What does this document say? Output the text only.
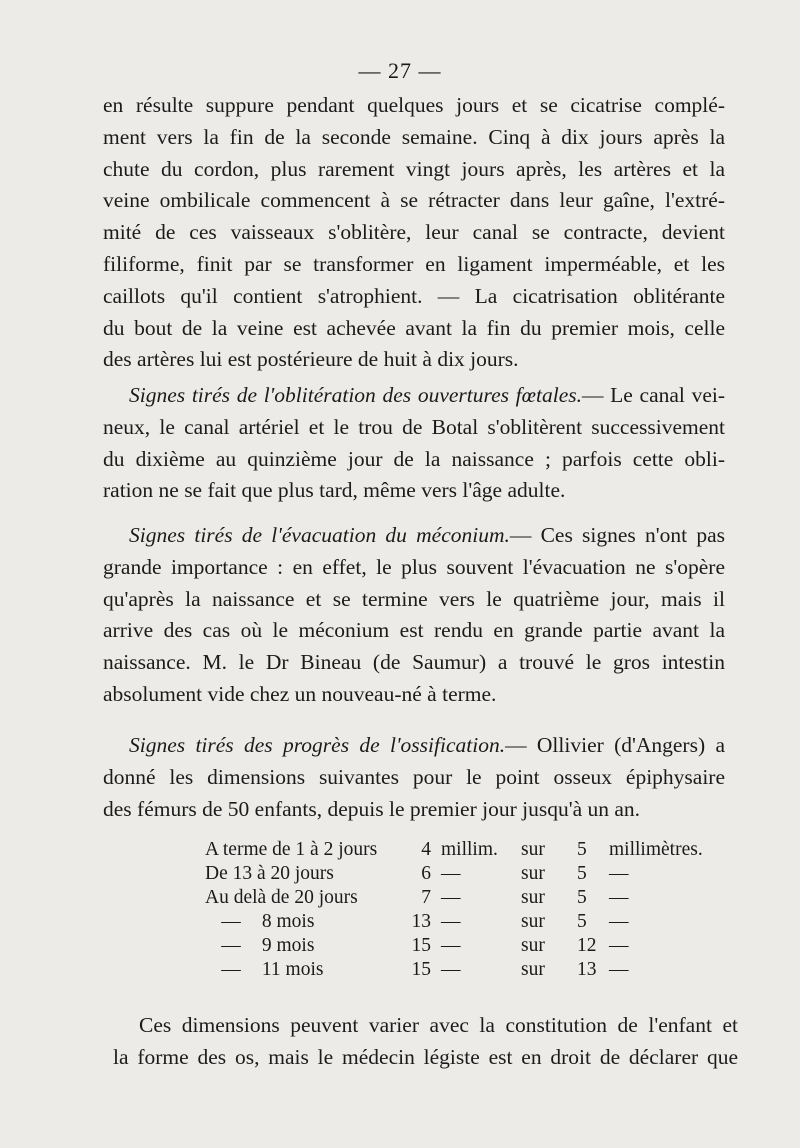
— 27 —
en résulte suppure pendant quelques jours et se cicatrise complé-
ment vers la fin de la seconde semaine. Cinq à dix jours après la
chute du cordon, plus rarement vingt jours après, les artères et la
veine ombilicale commencent à se rétracter dans leur gaîne, l'extré-
mité de ces vaisseaux s'oblitère, leur canal se contracte, devient
filiforme, finit par se transformer en ligament imperméable, et les
caillots qu'il contient s'atrophient. — La cicatrisation oblitérante
du bout de la veine est achevée avant la fin du premier mois, celle
des artères lui est postérieure de huit à dix jours.
Signes tirés de l'oblitération des ouvertures fœtales.— Le canal vei-
neux, le canal artériel et le trou de Botal s'oblitèrent successivement
du dixième au quinzième jour de la naissance ; parfois cette obli-
ration ne se fait que plus tard, même vers l'âge adulte.
Signes tirés de l'évacuation du méconium.— Ces signes n'ont pas
grande importance : en effet, le plus souvent l'évacuation ne s'opère
qu'après la naissance et se termine vers le quatrième jour, mais il
arrive des cas où le méconium est rendu en grande partie avant la
naissance. M. le Dr Bineau (de Saumur) a trouvé le gros intestin
absolument vide chez un nouveau-né à terme.
Signes tirés des progrès de l'ossification.— Ollivier (d'Angers) a
donné les dimensions suivantes pour le point osseux épiphysaire
des fémurs de 50 enfants, depuis le premier jour jusqu'à un an.
A terme de 1 à 2 jours	4 millim.	sur	5	millimètres.
De 13 à 20 jours	6 —	sur	5	—
Au delà de 20 jours	7 —	sur	5	—
— 8 mois	13 —	sur	5	—
— 9 mois	15 —	sur	12 —
— 11 mois	15 —	sur	13 —
Ces dimensions peuvent varier avec la constitution de l'enfant et
la forme des os, mais le médecin légiste est en droit de déclarer que
